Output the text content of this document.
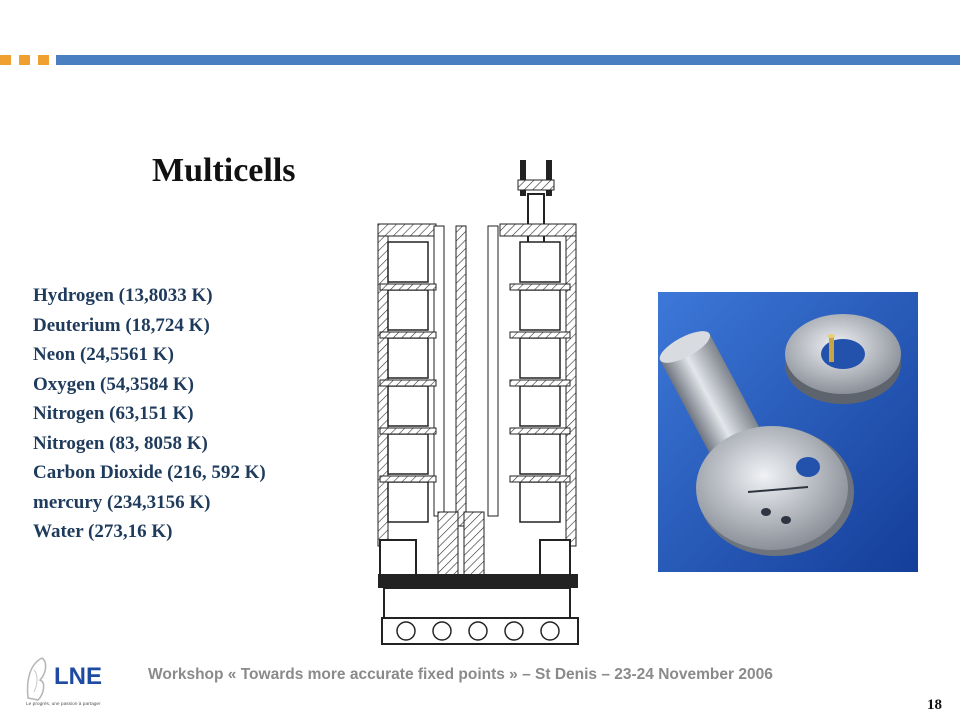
Multicells
Hydrogen (13,8033 K)
Deuterium (18,724 K)
Neon (24,5561 K)
Oxygen (54,3584 K)
Nitrogen (63,151 K)
Nitrogen (83, 8058 K)
Carbon Dioxide (216, 592 K)
mercury (234,3156 K)
Water (273,16 K)
LNE
Le progrès, une passion à partager
Workshop « Towards more accurate fixed points » – St Denis – 23-24 November 2006
18
